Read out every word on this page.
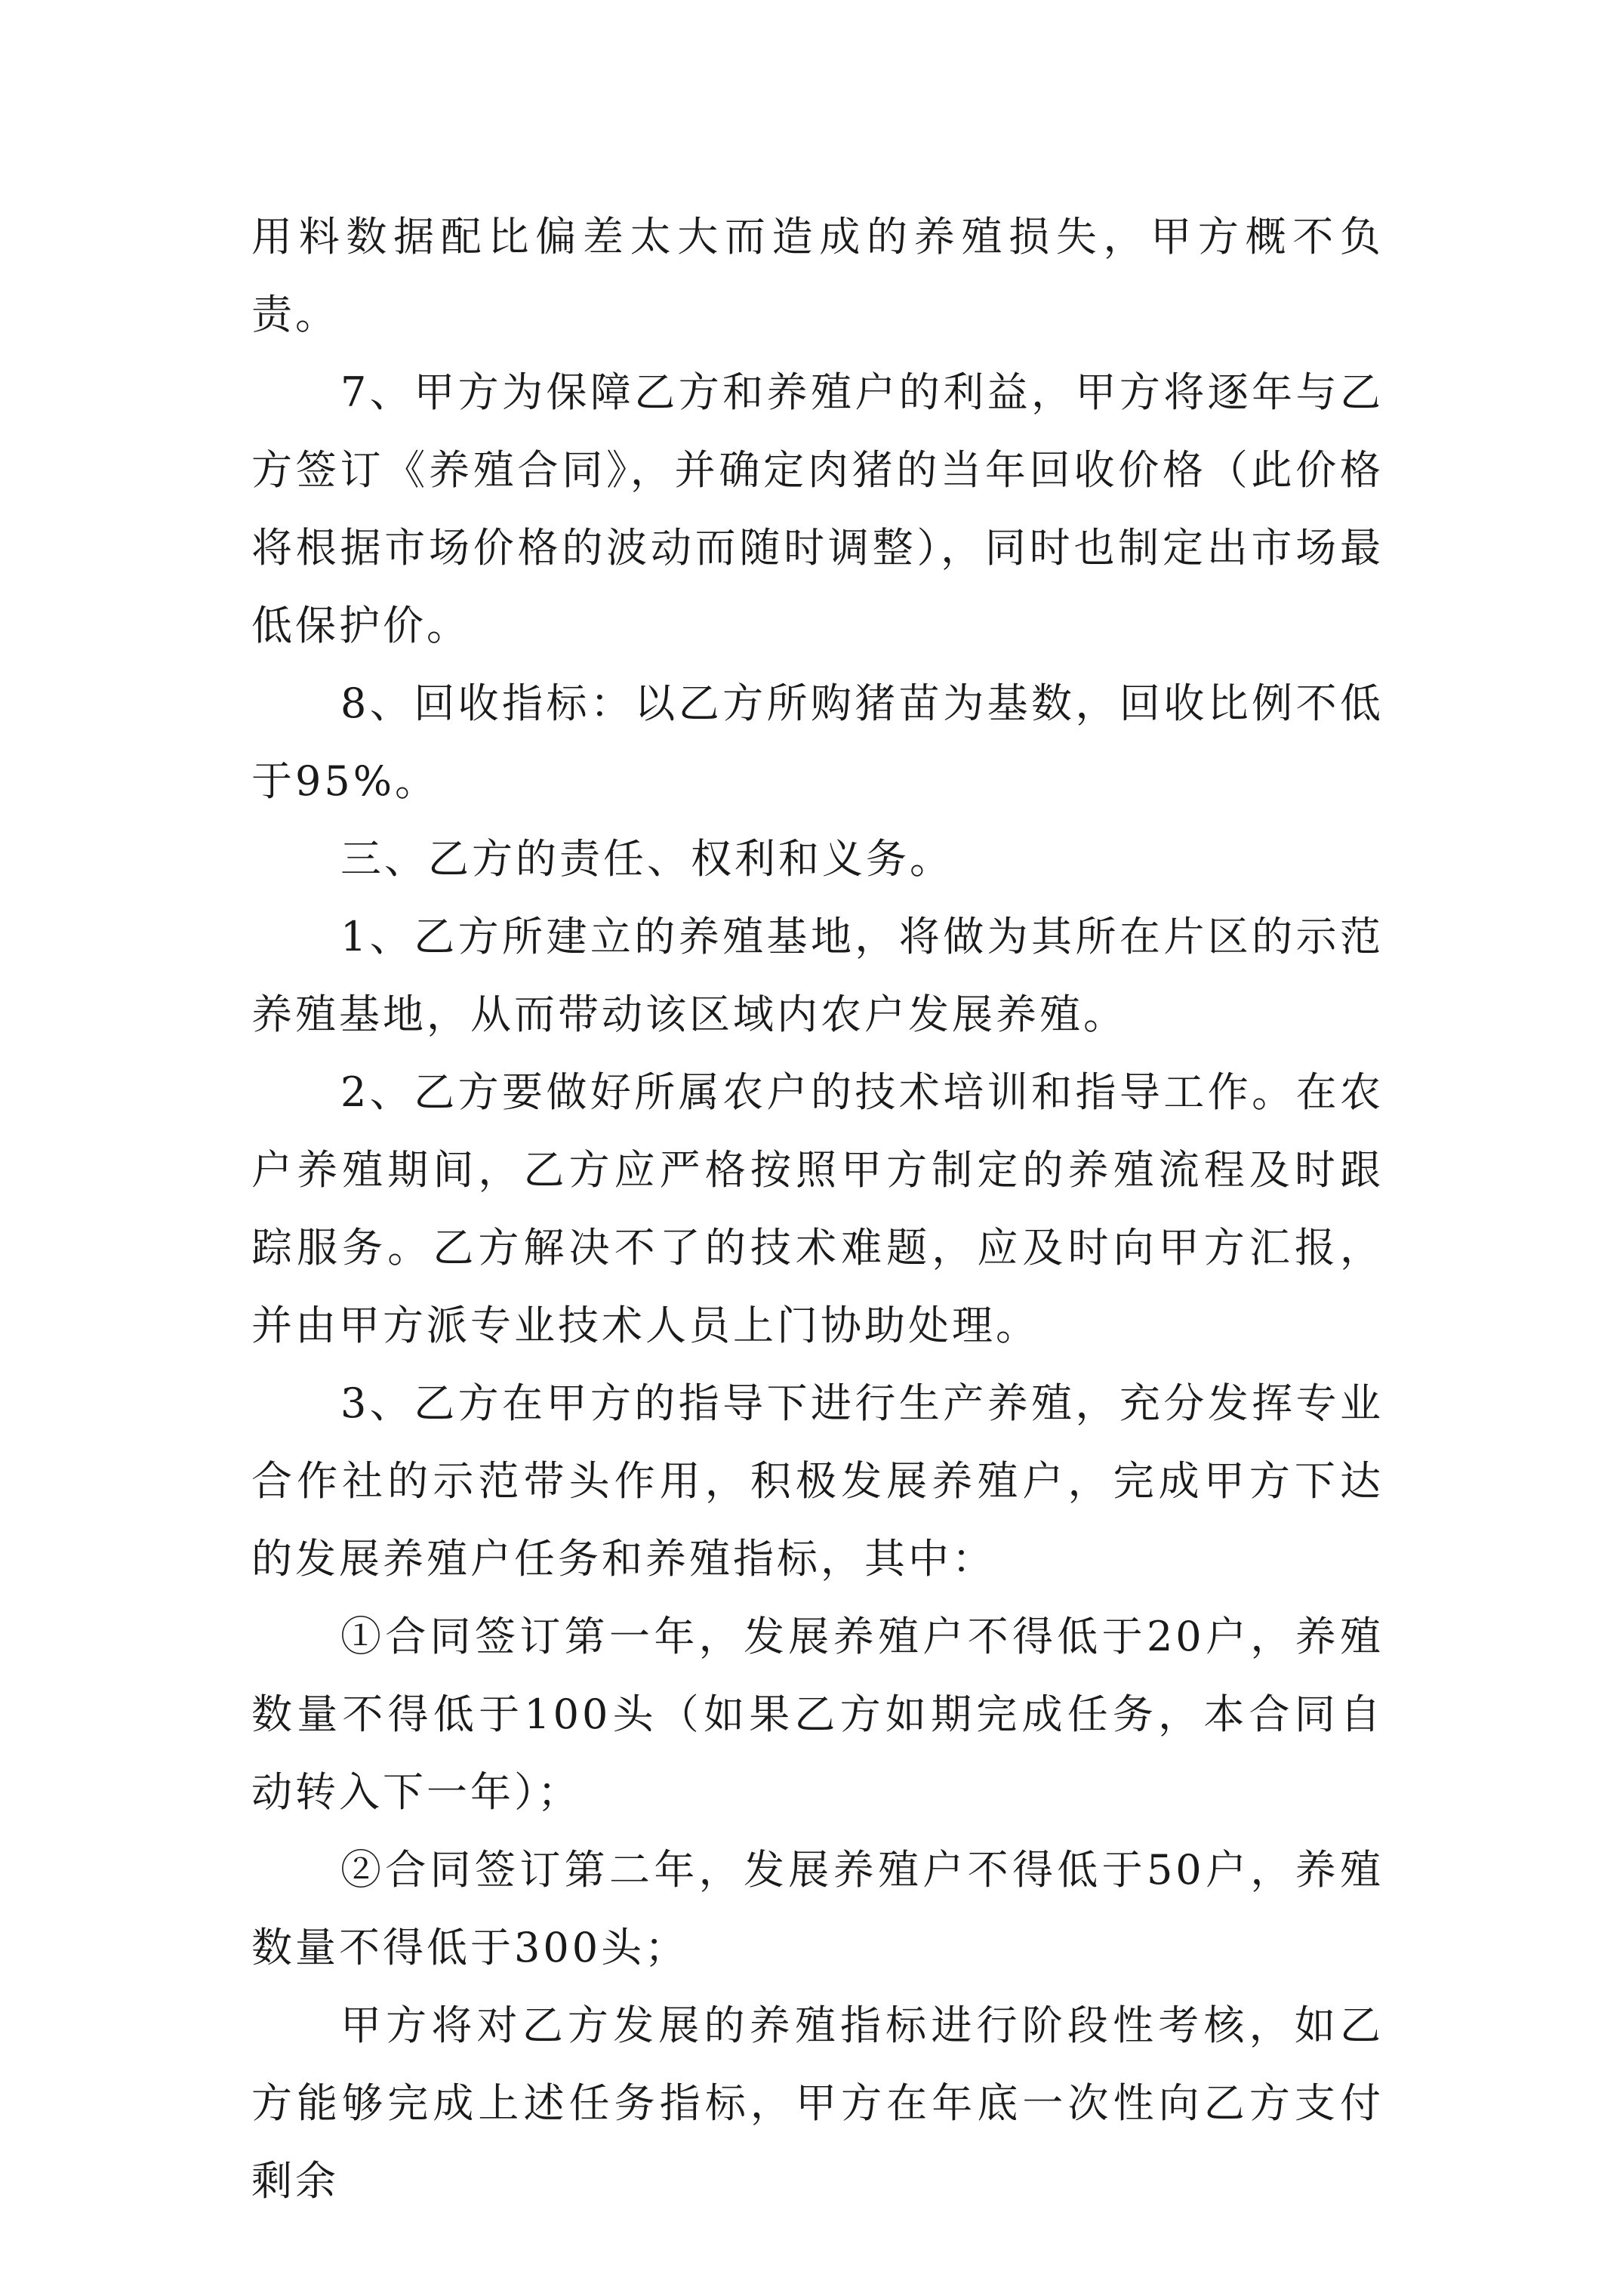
用料数据配比偏差太大而造成的养殖损失，甲方概不负责。

7、甲方为保障乙方和养殖户的利益，甲方将逐年与乙方签订《养殖合同》，并确定肉猪的当年回收价格（此价格将根据市场价格的波动而随时调整），同时也制定出市场最低保护价。

8、回收指标：以乙方所购猪苗为基数，回收比例不低于95%。

三、乙方的责任、权利和义务。

1、乙方所建立的养殖基地，将做为其所在片区的示范养殖基地，从而带动该区域内农户发展养殖。

2、乙方要做好所属农户的技术培训和指导工作。在农户养殖期间，乙方应严格按照甲方制定的养殖流程及时跟踪服务。乙方解决不了的技术难题，应及时向甲方汇报，并由甲方派专业技术人员上门协助处理。

3、乙方在甲方的指导下进行生产养殖，充分发挥专业合作社的示范带头作用，积极发展养殖户，完成甲方下达的发展养殖户任务和养殖指标，其中：

①合同签订第一年，发展养殖户不得低于20户，养殖数量不得低于100头（如果乙方如期完成任务，本合同自动转入下一年）；

②合同签订第二年，发展养殖户不得低于50户，养殖数量不得低于300头；

甲方将对乙方发展的养殖指标进行阶段性考核，如乙方能够完成上述任务指标，甲方在年底一次性向乙方支付剩余
